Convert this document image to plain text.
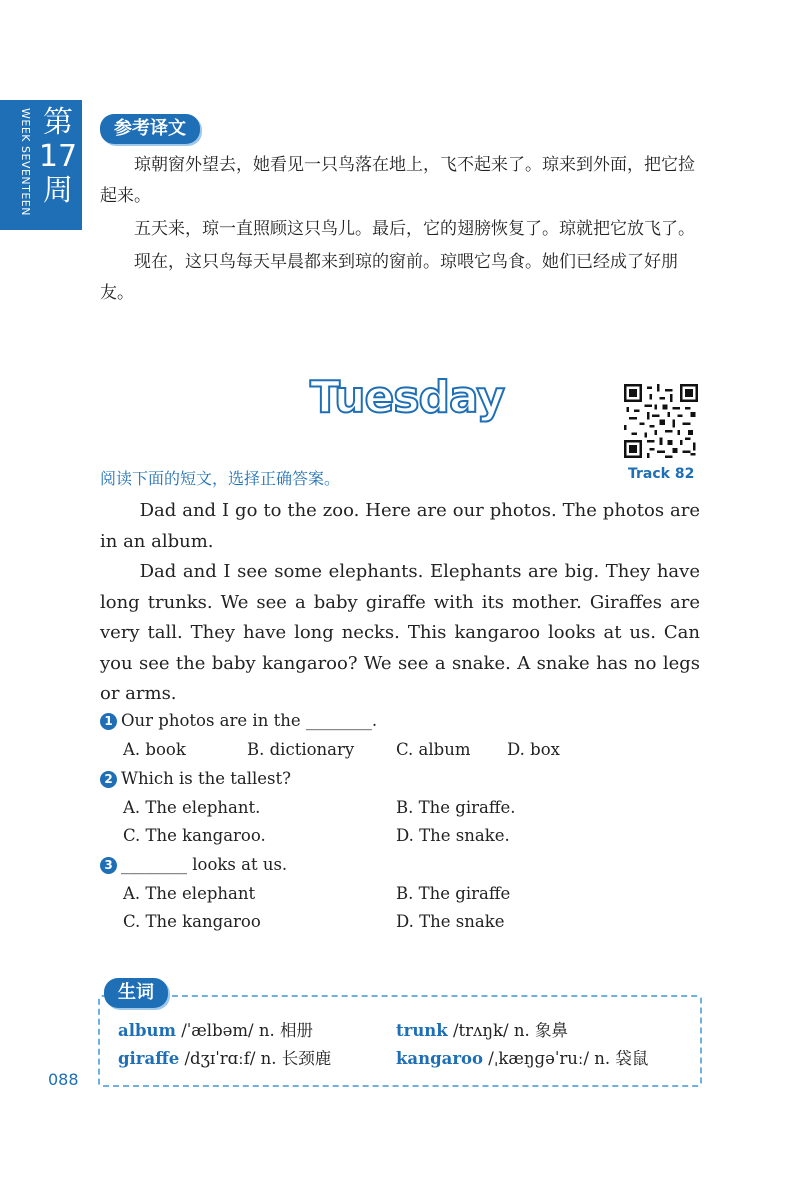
WEEK SEVENTEEN 第17周
参考译文

琼朝窗外望去，她看见一只鸟落在地上，飞不起来了。琼来到外面，把它捡起来。

五天来，琼一直照顾这只鸟儿。最后，它的翅膀恢复了。琼就把它放飞了。

现在，这只鸟每天早晨都来到琼的窗前。琼喂它鸟食。她们已经成了好朋友。

Tuesday
Track 82
阅读下面的短文，选择正确答案。

Dad and I go to the zoo. Here are our photos. The photos are in an album.

Dad and I see some elephants. Elephants are big. They have long trunks. We see a baby giraffe with its mother. Giraffes are very tall. They have long necks. This kangaroo looks at us. Can you see the baby kangaroo? We see a snake. A snake has no legs or arms.

1 Our photos are in the ________.
A. book	B. dictionary	C. album D. box
2 Which is the tallest?
A. The elephant.	B. The giraffe.
C. The kangaroo.	D. The snake.
3 ________ looks at us.
A. The elephant	B. The giraffe
C. The kangaroo	D. The snake
album /ˈælbəm/ n. 相册	trunk /trʌŋk/ n. 象鼻
giraffe /dʒɪˈrɑːf/ n. 长颈鹿	kangaroo /ˌkæŋɡəˈruː/ n. 袋鼠
生词
088
